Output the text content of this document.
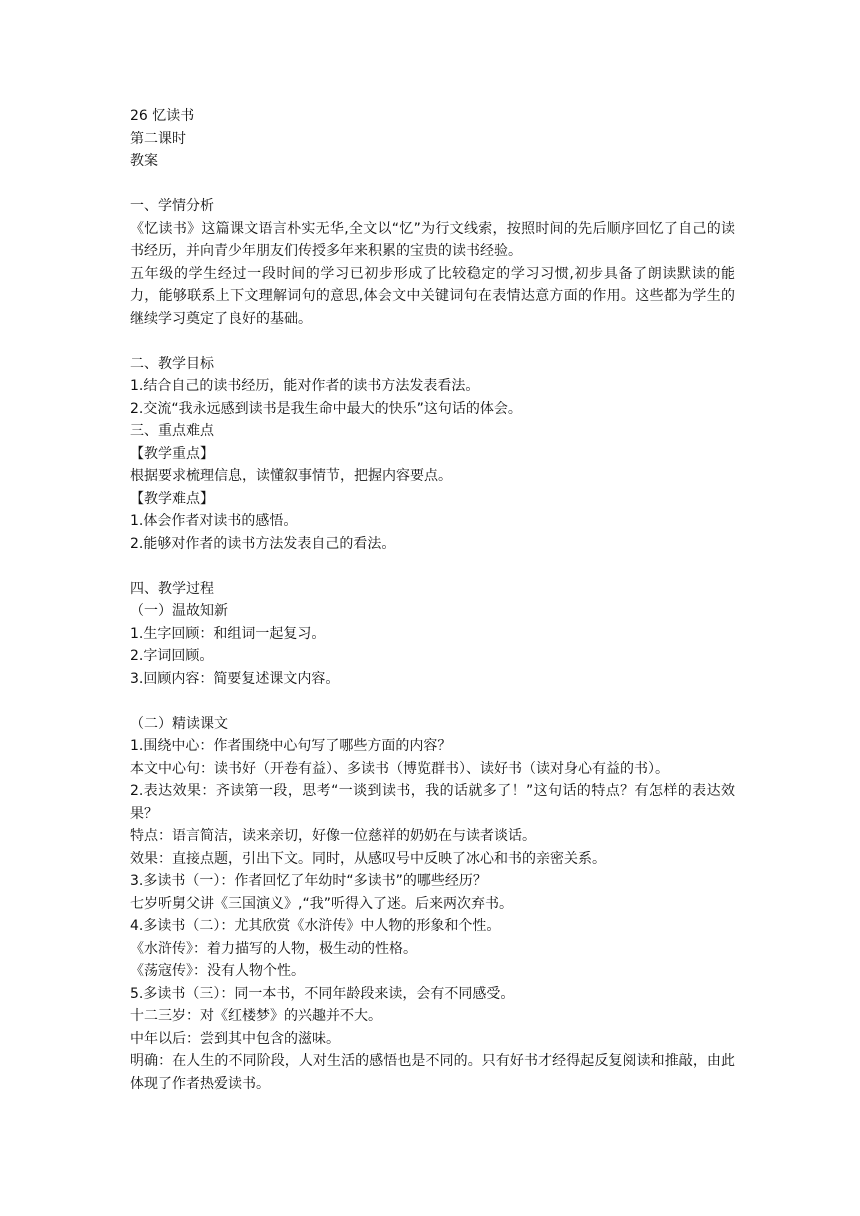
26 忆读书
第二课时
教案
一、学情分析
《忆读书》这篇课文语言朴实无华,全文以“忆”为行文线索，按照时间的先后顺序回忆了自己的读书经历，并向青少年朋友们传授多年来积累的宝贵的读书经验。
五年级的学生经过一段时间的学习已初步形成了比较稳定的学习习惯,初步具备了朗读默读的能力，能够联系上下文理解词句的意思,体会文中关键词句在表情达意方面的作用。这些都为学生的继续学习奠定了良好的基础。
二、教学目标
1.结合自己的读书经历，能对作者的读书方法发表看法。
2.交流“我永远感到读书是我生命中最大的快乐”这句话的体会。
三、重点难点
【教学重点】
根据要求梳理信息，读懂叙事情节，把握内容要点。
【教学难点】
1.体会作者对读书的感悟。
2.能够对作者的读书方法发表自己的看法。
四、教学过程
（一）温故知新
1.生字回顾：和组词一起复习。
2.字词回顾。
3.回顾内容：简要复述课文内容。
（二）精读课文
1.围绕中心：作者围绕中心句写了哪些方面的内容？
本文中心句：读书好（开卷有益）、多读书（博览群书）、读好书（读对身心有益的书）。
2.表达效果：齐读第一段，思考“一谈到读书，我的话就多了！”这句话的特点？有怎样的表达效果？
特点：语言简洁，读来亲切，好像一位慈祥的奶奶在与读者谈话。
效果：直接点题，引出下文。同时，从感叹号中反映了冰心和书的亲密关系。
3.多读书（一）：作者回忆了年幼时“多读书”的哪些经历？
七岁听舅父讲《三国演义》,“我”听得入了迷。后来两次弃书。
4.多读书（二）：尤其欣赏《水浒传》中人物的形象和个性。
《水浒传》：着力描写的人物，极生动的性格。
《荡寇传》：没有人物个性。
5.多读书（三）：同一本书，不同年龄段来读，会有不同感受。
十二三岁：对《红楼梦》的兴趣并不大。
中年以后：尝到其中包含的滋味。
明确：在人生的不同阶段，人对生活的感悟也是不同的。只有好书才经得起反复阅读和推敲，由此体现了作者热爱读书。
